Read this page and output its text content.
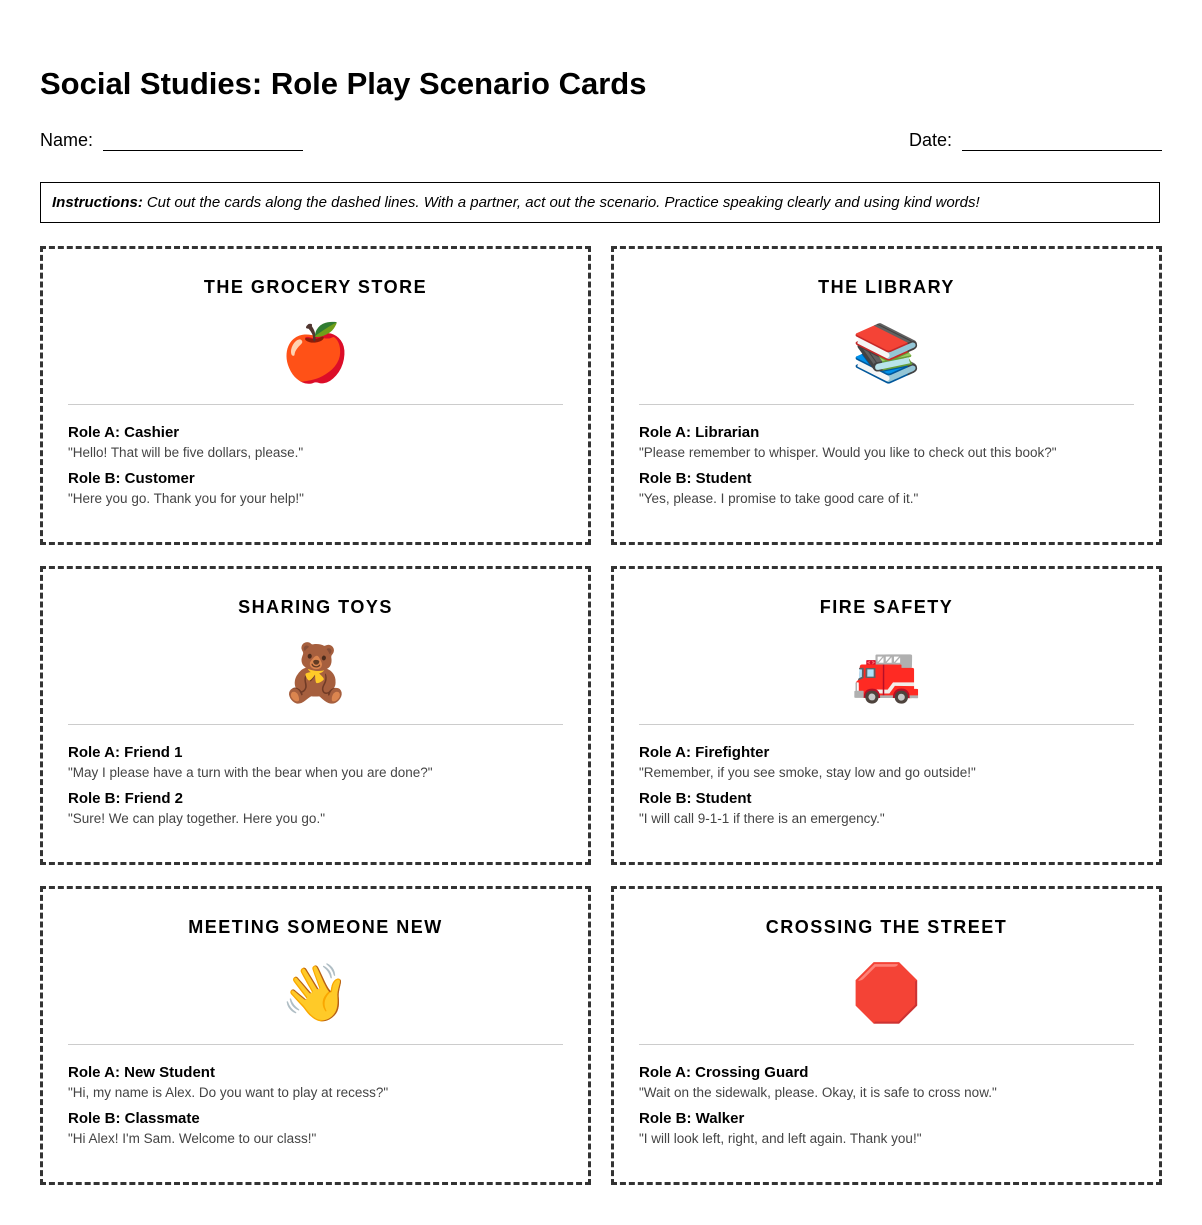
Social Studies: Role Play Scenario Cards
Name:	Date:
Instructions: Cut out the cards along the dashed lines. With a partner, act out the scenario. Practice speaking clearly and using kind words!
THE GROCERY STORE
🍎
Role A: Cashier
"Hello! That will be five dollars, please."
Role B: Customer
"Here you go. Thank you for your help!"
THE LIBRARY
📚
Role A: Librarian
"Please remember to whisper. Would you like to check out this book?"
Role B: Student
"Yes, please. I promise to take good care of it."
SHARING TOYS
🧸
Role A: Friend 1
"May I please have a turn with the bear when you are done?"
Role B: Friend 2
"Sure! We can play together. Here you go."
FIRE SAFETY
🚒
Role A: Firefighter
"Remember, if you see smoke, stay low and go outside!"
Role B: Student
"I will call 9-1-1 if there is an emergency."
MEETING SOMEONE NEW
👋
Role A: New Student
"Hi, my name is Alex. Do you want to play at recess?"
Role B: Classmate
"Hi Alex! I'm Sam. Welcome to our class!"
CROSSING THE STREET
🛑
Role A: Crossing Guard
"Wait on the sidewalk, please. Okay, it is safe to cross now."
Role B: Walker
"I will look left, right, and left again. Thank you!"
